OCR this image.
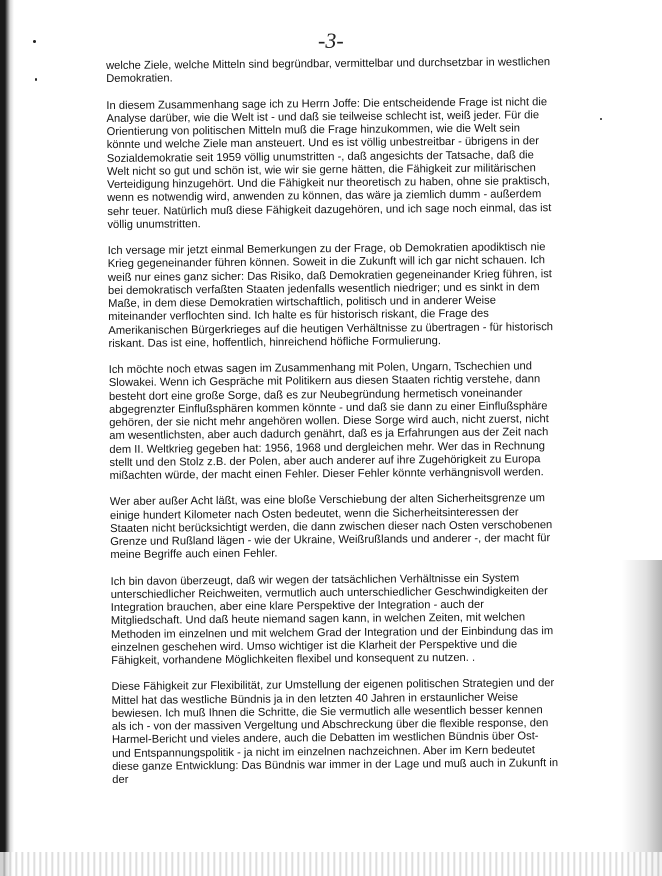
-3-

welche Ziele, welche Mitteln sind begründbar, vermittelbar und durchsetzbar in westlichen Demokratien.

In diesem Zusammenhang sage ich zu Herrn Joffe: Die entscheidende Frage ist nicht die Analyse darüber, wie die Welt ist - und daß sie teilweise schlecht ist, weiß jeder. Für die Orientierung von politischen Mitteln muß die Frage hinzukommen, wie die Welt sein könnte und welche Ziele man ansteuert. Und es ist völlig unbestreitbar - übrigens in der Sozialdemokratie seit 1959 völlig unumstritten -, daß angesichts der Tatsache, daß die Welt nicht so gut und schön ist, wie wir sie gerne hätten, die Fähigkeit zur militärischen Verteidigung hinzugehört. Und die Fähigkeit nur theoretisch zu haben, ohne sie praktisch, wenn es notwendig wird, anwenden zu können, das wäre ja ziemlich dumm - außerdem sehr teuer. Natürlich muß diese Fähigkeit dazugehören, und ich sage noch einmal, das ist völlig unumstritten.

Ich versage mir jetzt einmal Bemerkungen zu der Frage, ob Demokratien apodiktisch nie Krieg gegeneinander führen können. Soweit in die Zukunft will ich gar nicht schauen. Ich weiß nur eines ganz sicher: Das Risiko, daß Demokratien gegeneinander Krieg führen, ist bei demokratisch verfaßten Staaten jedenfalls wesentlich niedriger; und es sinkt in dem Maße, in dem diese Demokratien wirtschaftlich, politisch und in anderer Weise miteinander verflochten sind. Ich halte es für historisch riskant, die Frage des Amerikanischen Bürgerkrieges auf die heutigen Verhältnisse zu übertragen - für historisch riskant. Das ist eine, hoffentlich, hinreichend höfliche Formulierung.

Ich möchte noch etwas sagen im Zusammenhang mit Polen, Ungarn, Tschechien und Slowakei. Wenn ich Gespräche mit Politikern aus diesen Staaten richtig verstehe, dann besteht dort eine große Sorge, daß es zur Neubegründung hermetisch voneinander abgegrenzter Einflußsphären kommen könnte - und daß sie dann zu einer Einflußsphäre gehören, der sie nicht mehr angehören wollen. Diese Sorge wird auch, nicht zuerst, nicht am wesentlichsten, aber auch dadurch genährt, daß es ja Erfahrungen aus der Zeit nach dem II. Weltkrieg gegeben hat: 1956, 1968 und dergleichen mehr. Wer das in Rechnung stellt und den Stolz z.B. der Polen, aber auch anderer auf ihre Zugehörigkeit zu Europa mißachten würde, der macht einen Fehler. Dieser Fehler könnte verhängnisvoll werden.

Wer aber außer Acht läßt, was eine bloße Verschiebung der alten Sicherheitsgrenze um einige hundert Kilometer nach Osten bedeutet, wenn die Sicherheitsinteressen der Staaten nicht berücksichtigt werden, die dann zwischen dieser nach Osten verschobenen Grenze und Rußland lägen - wie der Ukraine, Weißrußlands und anderer -, der macht für meine Begriffe auch einen Fehler.

Ich bin davon überzeugt, daß wir wegen der tatsächlichen Verhältnisse ein System unterschiedlicher Reichweiten, vermutlich auch unterschiedlicher Geschwindigkeiten der Integration brauchen, aber eine klare Perspektive der Integration - auch der Mitgliedschaft. Und daß heute niemand sagen kann, in welchen Zeiten, mit welchen Methoden im einzelnen und mit welchem Grad der Integration und der Einbindung das im einzelnen geschehen wird. Umso wichtiger ist die Klarheit der Perspektive und die Fähigkeit, vorhandene Möglichkeiten flexibel und konsequent zu nutzen. .

Diese Fähigkeit zur Flexibilität, zur Umstellung der eigenen politischen Strategien und der Mittel hat das westliche Bündnis ja in den letzten 40 Jahren in erstaunlicher Weise bewiesen. Ich muß Ihnen die Schritte, die Sie vermutlich alle wesentlich besser kennen als ich - von der massiven Vergeltung und Abschreckung über die flexible response, den Harmel-Bericht und vieles andere, auch die Debatten im westlichen Bündnis über Ost- und Entspannungspolitik - ja nicht im einzelnen nachzeichnen. Aber im Kern bedeutet diese ganze Entwicklung: Das Bündnis war immer in der Lage und muß auch in Zukunft in der
